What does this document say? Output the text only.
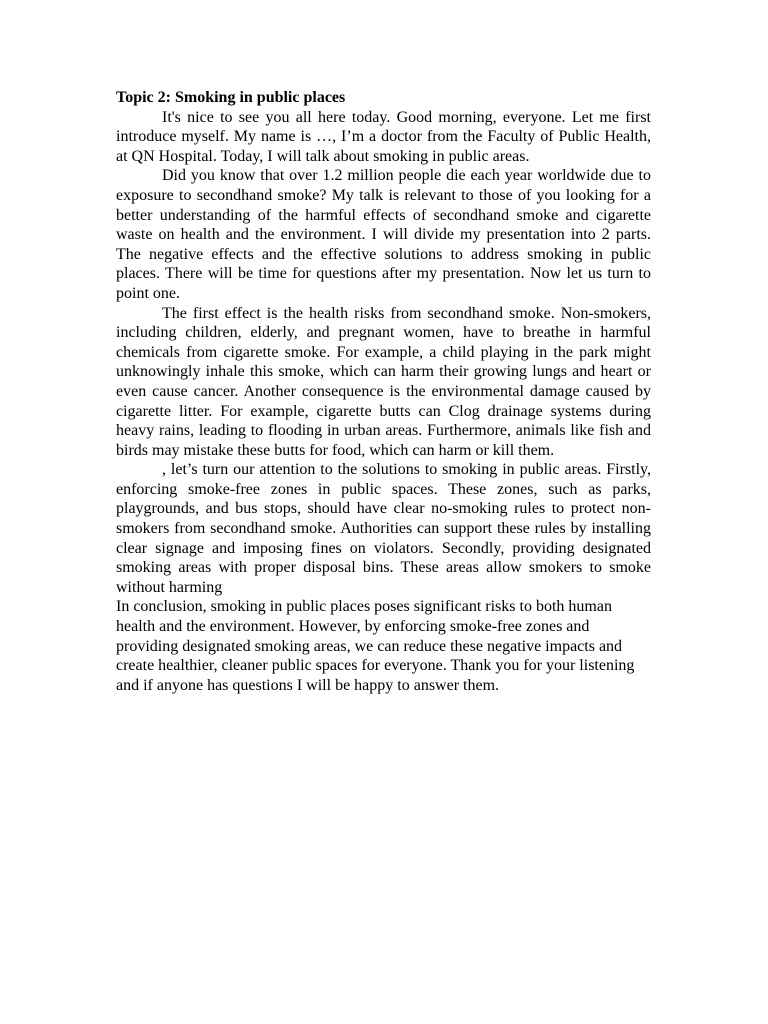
Topic 2: Smoking in public places

It's nice to see you all here today. Good morning, everyone. Let me first introduce myself. My name is …, I’m a doctor from the Faculty of Public Health, at QN Hospital. Today, I will talk about smoking in public areas.

Did you know that over 1.2 million people die each year worldwide due to exposure to secondhand smoke? My talk is relevant to those of you looking for a better understanding of the harmful effects of secondhand smoke and cigarette waste on health and the environment. I will divide my presentation into 2 parts. The negative effects and the effective solutions to address smoking in public places. There will be time for questions after my presentation. Now let us turn to point one.

The first effect is the health risks from secondhand smoke. Non-smokers, including children, elderly, and pregnant women, have to breathe in harmful chemicals from cigarette smoke. For example, a child playing in the park might unknowingly inhale this smoke, which can harm their growing lungs and heart or even cause cancer. Another consequence is the environmental damage caused by cigarette litter. For example, cigarette butts can Clog drainage systems during heavy rains, leading to flooding in urban areas. Furthermore, animals like fish and birds may mistake these butts for food, which can harm or kill them.

, let’s turn our attention to the solutions to smoking in public areas. Firstly, enforcing smoke-free zones in public spaces. These zones, such as parks, playgrounds, and bus stops, should have clear no-smoking rules to protect non-smokers from secondhand smoke. Authorities can support these rules by installing clear signage and imposing fines on violators. Secondly, providing designated smoking areas with proper disposal bins. These areas allow smokers to smoke without harming

In conclusion, smoking in public places poses significant risks to both human health and the environment. However, by enforcing smoke-free zones and providing designated smoking areas, we can reduce these negative impacts and create healthier, cleaner public spaces for everyone. Thank you for your listening and if anyone has questions I will be happy to answer them.
